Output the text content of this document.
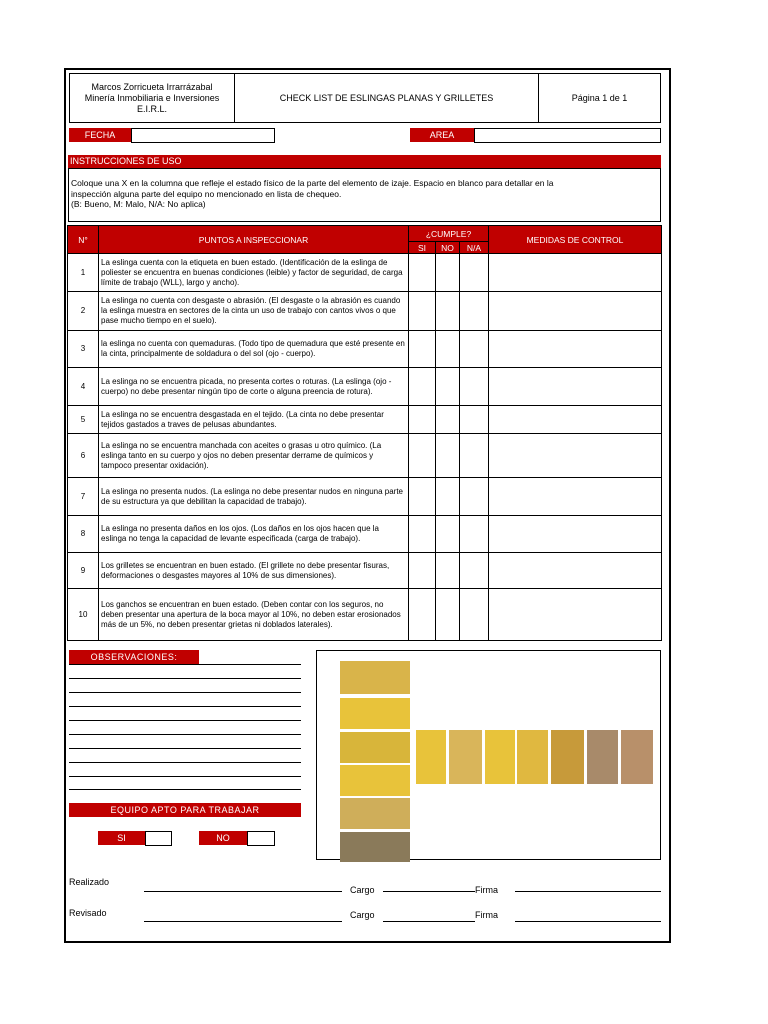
Marcos Zorricueta Irrarrázabal
Minería Inmobiliaria e Inversiones
E.I.R.L.
CHECK LIST DE ESLINGAS PLANAS Y GRILLETES	Página 1 de 1
FECHA	AREA
INSTRUCCIONES DE USO
Coloque una X en la columna que refleje el estado físico de la parte del elemento de izaje. Espacio en blanco para detallar en la
inspección alguna parte del equipo no mencionado en lista de chequeo.
(B: Bueno, M: Malo, N/A: No aplica)
N°	PUNTOS A INSPECCIONAR	¿CUMPLE?			MEDIDAS DE CONTROL
		SI	NO	N/A	
1	La eslinga cuenta con la etiqueta en buen estado. (Identificación de la eslinga de poliester se encuentra en buenas condiciones (leible) y factor de seguridad, de carga límite de trabajo (WLL), largo y ancho).				
2	La eslinga no cuenta con desgaste o abrasión. (El desgaste o la abrasión es cuando la eslinga muestra en sectores de la cinta un uso de trabajo con cantos vivos o que pase mucho tiempo en el suelo).				
3	la eslinga no cuenta con quemaduras. (Todo tipo de quemadura que esté presente en la cinta, principalmente de soldadura o del sol (ojo - cuerpo).				
4	La eslinga no se encuentra picada, no presenta cortes o roturas. (La eslinga (ojo - cuerpo) no debe presentar ningún tipo de corte o alguna preencia de rotura).				
5	La eslinga no se encuentra desgastada en el tejido. (La cinta no debe presentar tejidos gastados a traves de pelusas abundantes.				
6	La eslinga no se encuentra manchada con aceites o grasas u otro químico. (La eslinga tanto en su cuerpo y ojos no deben presentar derrame de químicos y tampoco presentar oxidación).				
7	La eslinga no presenta nudos. (La eslinga no debe presentar nudos en ninguna parte de su estructura ya que debilitan la capacidad de trabajo).				
8	La eslinga no presenta daños en los ojos. (Los daños en los ojos hacen que la eslinga no tenga la capacidad de levante especificada (carga de trabajo).				
9	Los grilletes se encuentran en buen estado. (El grillete no debe presentar fisuras, deformaciones o desgastes mayores al 10% de sus dimensiones).				
10	Los ganchos se encuentran en buen estado. (Deben contar con los seguros, no deben presentar una apertura de la boca mayor al 10%, no deben estar erosionados más de un 5%, no deben presentar grietas ni doblados laterales).				
OBSERVACIONES:
EQUIPO APTO PARA TRABAJAR
SI	NO
Realizado
Cargo	Firma
Revisado	Cargo	Firma
